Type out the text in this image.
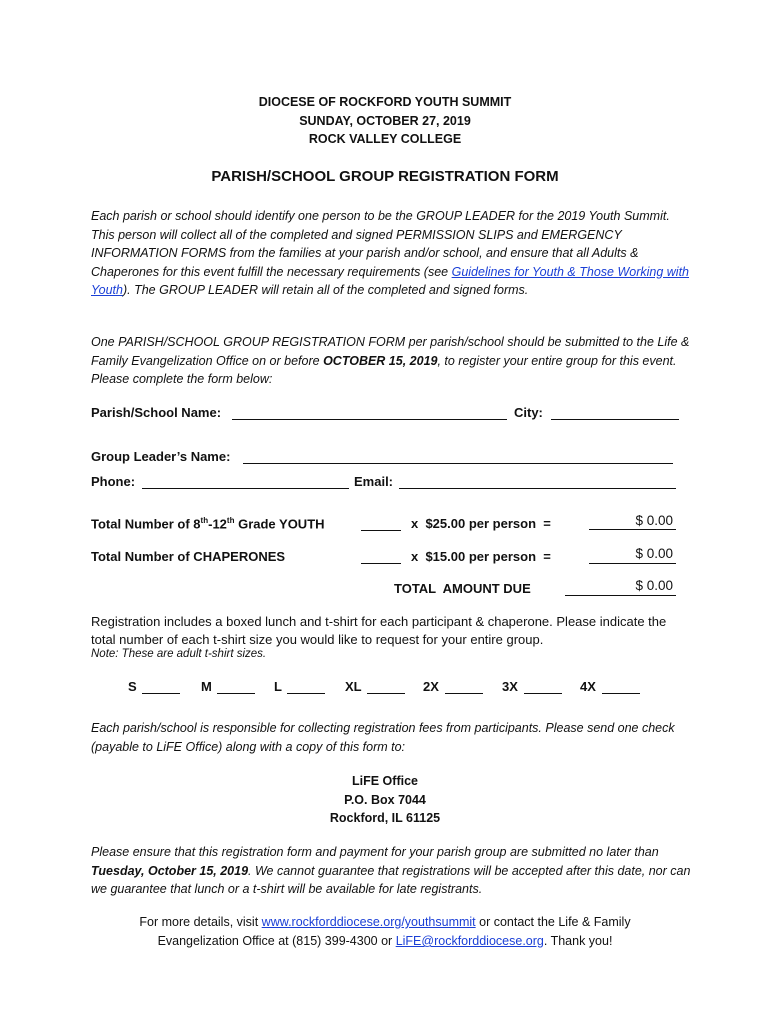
DIOCESE OF ROCKFORD YOUTH SUMMIT
SUNDAY, OCTOBER 27, 2019
ROCK VALLEY COLLEGE
PARISH/SCHOOL GROUP REGISTRATION FORM
Each parish or school should identify one person to be the GROUP LEADER for the 2019 Youth Summit. This person will collect all of the completed and signed PERMISSION SLIPS and EMERGENCY INFORMATION FORMS from the families at your parish and/or school, and ensure that all Adults & Chaperones for this event fulfill the necessary requirements (see Guidelines for Youth & Those Working with Youth). The GROUP LEADER will retain all of the completed and signed forms.
One PARISH/SCHOOL GROUP REGISTRATION FORM per parish/school should be submitted to the Life & Family Evangelization Office on or before OCTOBER 15, 2019, to register your entire group for this event. Please complete the form below:
Parish/School Name:	City:
Group Leader’s Name:
Phone:	Email:
Total Number of 8th-12th Grade YOUTH	x  $25.00 per person  =	$ 0.00
Total Number of CHAPERONES	x  $15.00 per person  =	$ 0.00
TOTAL  AMOUNT DUE	$ 0.00
Registration includes a boxed lunch and t-shirt for each participant & chaperone. Please indicate the total number of each t-shirt size you would like to request for your entire group.
Note: These are adult t-shirt sizes.
S	M	L	XL	2X	3X	4X
Each parish/school is responsible for collecting registration fees from participants. Please send one check (payable to LiFE Office) along with a copy of this form to:
LiFE Office
P.O. Box 7044
Rockford, IL 61125
Please ensure that this registration form and payment for your parish group are submitted no later than Tuesday, October 15, 2019. We cannot guarantee that registrations will be accepted after this date, nor can we guarantee that lunch or a t-shirt will be available for late registrants.
For more details, visit www.rockforddiocese.org/youthsummit or contact the Life & Family
Evangelization Office at (815) 399-4300 or LiFE@rockforddiocese.org. Thank you!
